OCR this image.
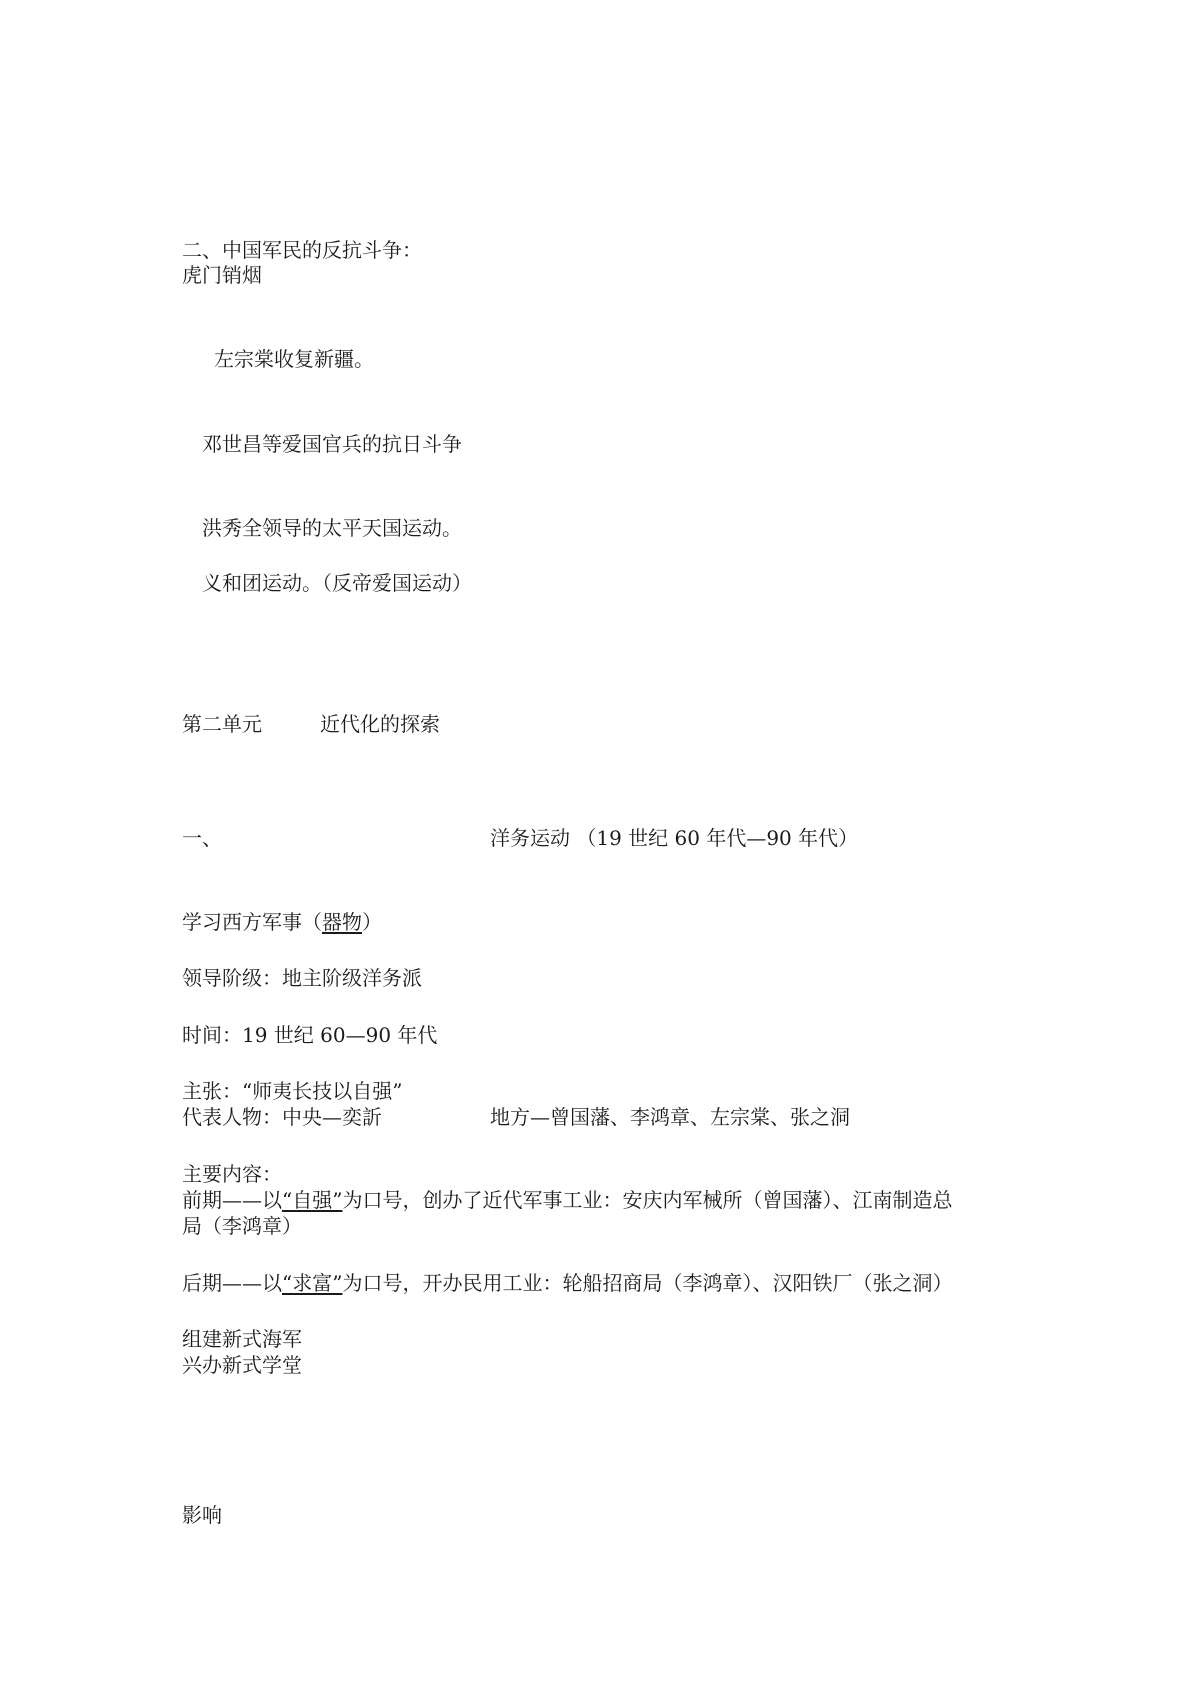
二、中国军民的反抗斗争：
虎门销烟
左宗棠收复新疆。
邓世昌等爱国官兵的抗日斗争
洪秀全领导的太平天国运动。
义和团运动。（反帝爱国运动）
第二单元	近代化的探索
一、	洋务运动 （19 世纪 60 年代—90 年代）
学习西方军事（器物）
领导阶级：地主阶级洋务派
时间：19 世纪 60—90 年代
主张：“师夷长技以自强”
代表人物：中央—奕訢	地方—曾国藩、李鸿章、左宗棠、张之洞
主要内容：
前期——以“自强”为口号，创办了近代军事工业：安庆内军械所（曾国藩）、江南制造总
局（李鸿章）
后期——以“求富”为口号，开办民用工业：轮船招商局（李鸿章）、汉阳铁厂（张之洞）
组建新式海军
兴办新式学堂
影响
